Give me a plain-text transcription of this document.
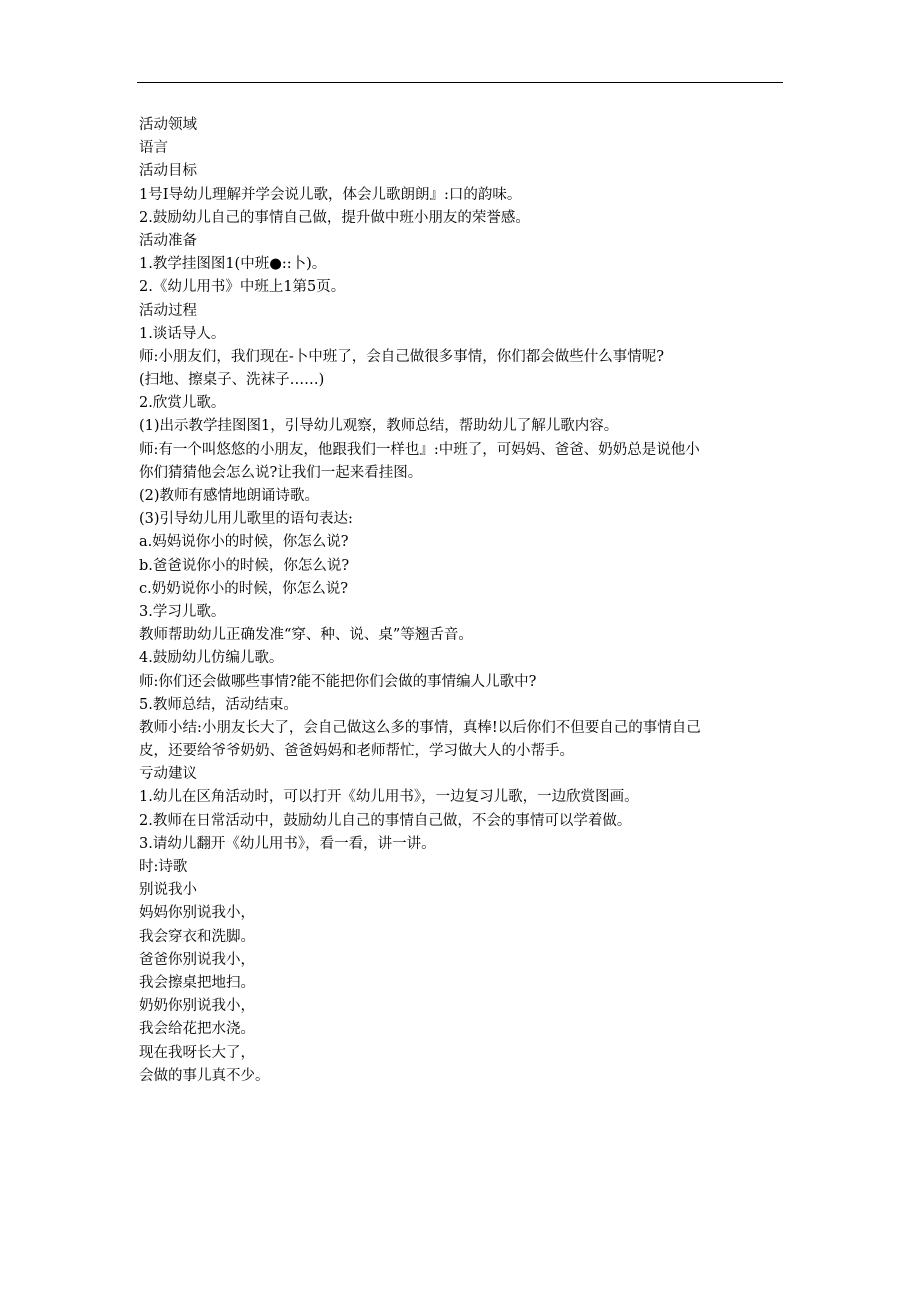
活动领域

语言

活动目标

1号I导幼儿理解并学会说儿歌，体会儿歌朗朗』:口的韵味。

2.鼓励幼儿自己的事情自己做，提升做中班小朋友的荣誉感。

活动准备

1.教学挂图图1(中班●::卜)。

2.《幼儿用书》中班上1第5页。

活动过程

1.谈话导人。

师:小朋友们，我们现在-卜中班了，会自己做很多事情，你们都会做些什么事情呢?

(扫地、擦桌子、洗袜子……)

2.欣赏儿歌。

(1)出示教学挂图图1，引导幼儿观察，教师总结，帮助幼儿了解儿歌内容。

师:有一个叫悠悠的小朋友，他跟我们一样也』:中班了，可妈妈、爸爸、奶奶总是说他小

你们猜猜他会怎么说?让我们一起来看挂图。

(2)教师有感情地朗诵诗歌。

(3)引导幼儿用儿歌里的语句表达:

a.妈妈说你小的时候，你怎么说?

b.爸爸说你小的时候，你怎么说?

c.奶奶说你小的时候，你怎么说?

3.学习儿歌。

教师帮助幼儿正确发准“穿、种、说、桌”等翘舌音。

4.鼓励幼儿仿编儿歌。

师:你们还会做哪些事情?能不能把你们会做的事情编人儿歌中?

5.教师总结，活动结束。

教师小结:小朋友长大了，会自己做这么多的事情，真棒!以后你们不但要自己的事情自己

皮，还要给爷爷奶奶、爸爸妈妈和老师帮忙，学习做大人的小帮手。

亏动建议

1.幼儿在区角活动时，可以打开《幼儿用书》，一边复习儿歌，一边欣赏图画。

2.教师在日常活动中，鼓励幼儿自己的事情自己做，不会的事情可以学着做。

3.请幼儿翻开《幼儿用书》，看一看，讲一讲。

时:诗歌

别说我小

妈妈你别说我小，

我会穿衣和洗脚。

爸爸你别说我小，

我会擦桌把地扫。

奶奶你别说我小，

我会给花把水浇。

现在我呀长大了，

会做的事儿真不少。
